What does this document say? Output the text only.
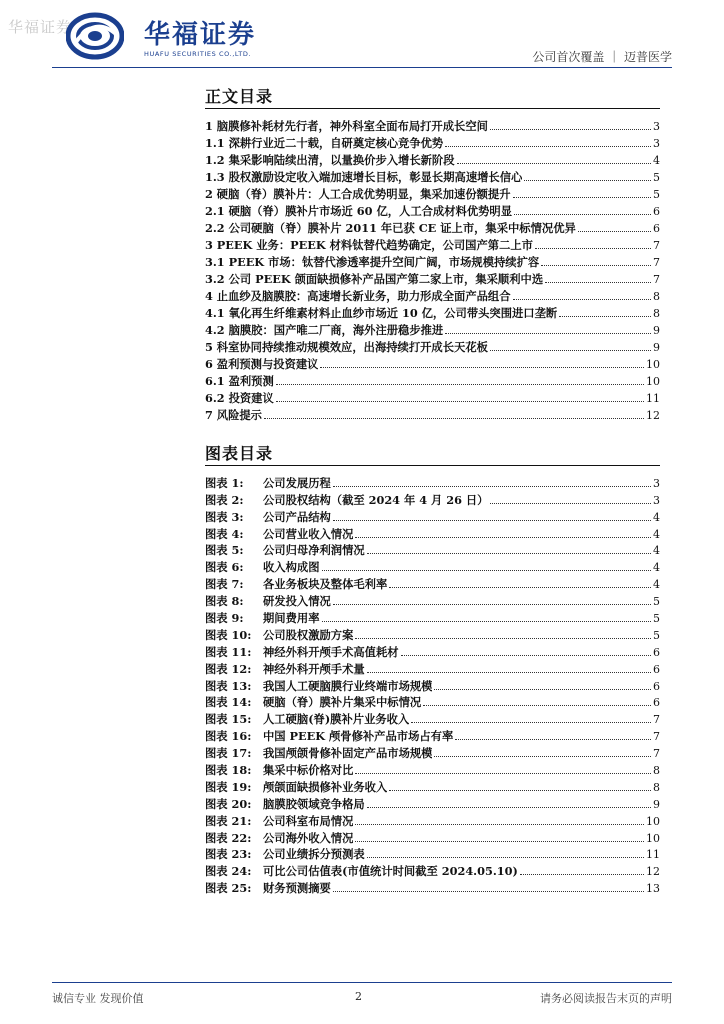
华福证券	华福证券
HUAFU SECURITIES CO.,LTD.	公司首次覆盖 ｜ 迈普医学
正文目录
1 脑膜修补耗材先行者，神外科室全面布局打开成长空间	3
1.1 深耕行业近二十载，自研奠定核心竞争优势	3
1.2 集采影响陆续出清，以量换价步入增长新阶段	4
1.3 股权激励设定收入端加速增长目标，彰显长期高速增长信心	5
2 硬脑（脊）膜补片：人工合成优势明显，集采加速份额提升	5
2.1 硬脑（脊）膜补片市场近 60 亿，人工合成材料优势明显	6
2.2 公司硬脑（脊）膜补片 2011 年已获 CE 证上市，集采中标情况优异	6
3 PEEK 业务：PEEK 材料钛替代趋势确定，公司国产第二上市	7
3.1 PEEK 市场：钛替代渗透率提升空间广阔，市场规模持续扩容	7
3.2 公司 PEEK 颌面缺损修补产品国产第二家上市，集采顺利中选	7
4 止血纱及脑膜胶：高速增长新业务，助力形成全面产品组合	8
4.1 氧化再生纤维素材料止血纱市场近 10 亿，公司带头突围进口垄断	8
4.2 脑膜胶：国产唯二厂商，海外注册稳步推进	9
5 科室协同持续推动规模效应，出海持续打开成长天花板	9
6 盈利预测与投资建议	10
6.1 盈利预测	10
6.2 投资建议	11
7 风险提示	12
图表目录
图表 1:	公司发展历程	3
图表 2:	公司股权结构（截至 2024 年 4 月 26 日）	3
图表 3:	公司产品结构	4
图表 4:	公司营业收入情况	4
图表 5:	公司归母净利润情况	4
图表 6:	收入构成图	4
图表 7:	各业务板块及整体毛利率	4
图表 8:	研发投入情况	5
图表 9:	期间费用率	5
图表 10:	公司股权激励方案	5
图表 11:	神经外科开颅手术高值耗材	6
图表 12:	神经外科开颅手术量	6
图表 13:	我国人工硬脑膜行业终端市场规模	6
图表 14:	硬脑（脊）膜补片集采中标情况	6
图表 15:	人工硬脑(脊)膜补片业务收入	7
图表 16:	中国 PEEK 颅骨修补产品市场占有率	7
图表 17:	我国颅颌骨修补固定产品市场规模	7
图表 18:	集采中标价格对比	8
图表 19:	颅颌面缺损修补业务收入	8
图表 20:	脑膜胶领域竞争格局	9
图表 21:	公司科室布局情况	10
图表 22:	公司海外收入情况	10
图表 23:	公司业绩拆分预测表	11
图表 24:	可比公司估值表(市值统计时间截至 2024.05.10)	12
图表 25:	财务预测摘要	13
诚信专业 发现价值	2	请务必阅读报告末页的声明
